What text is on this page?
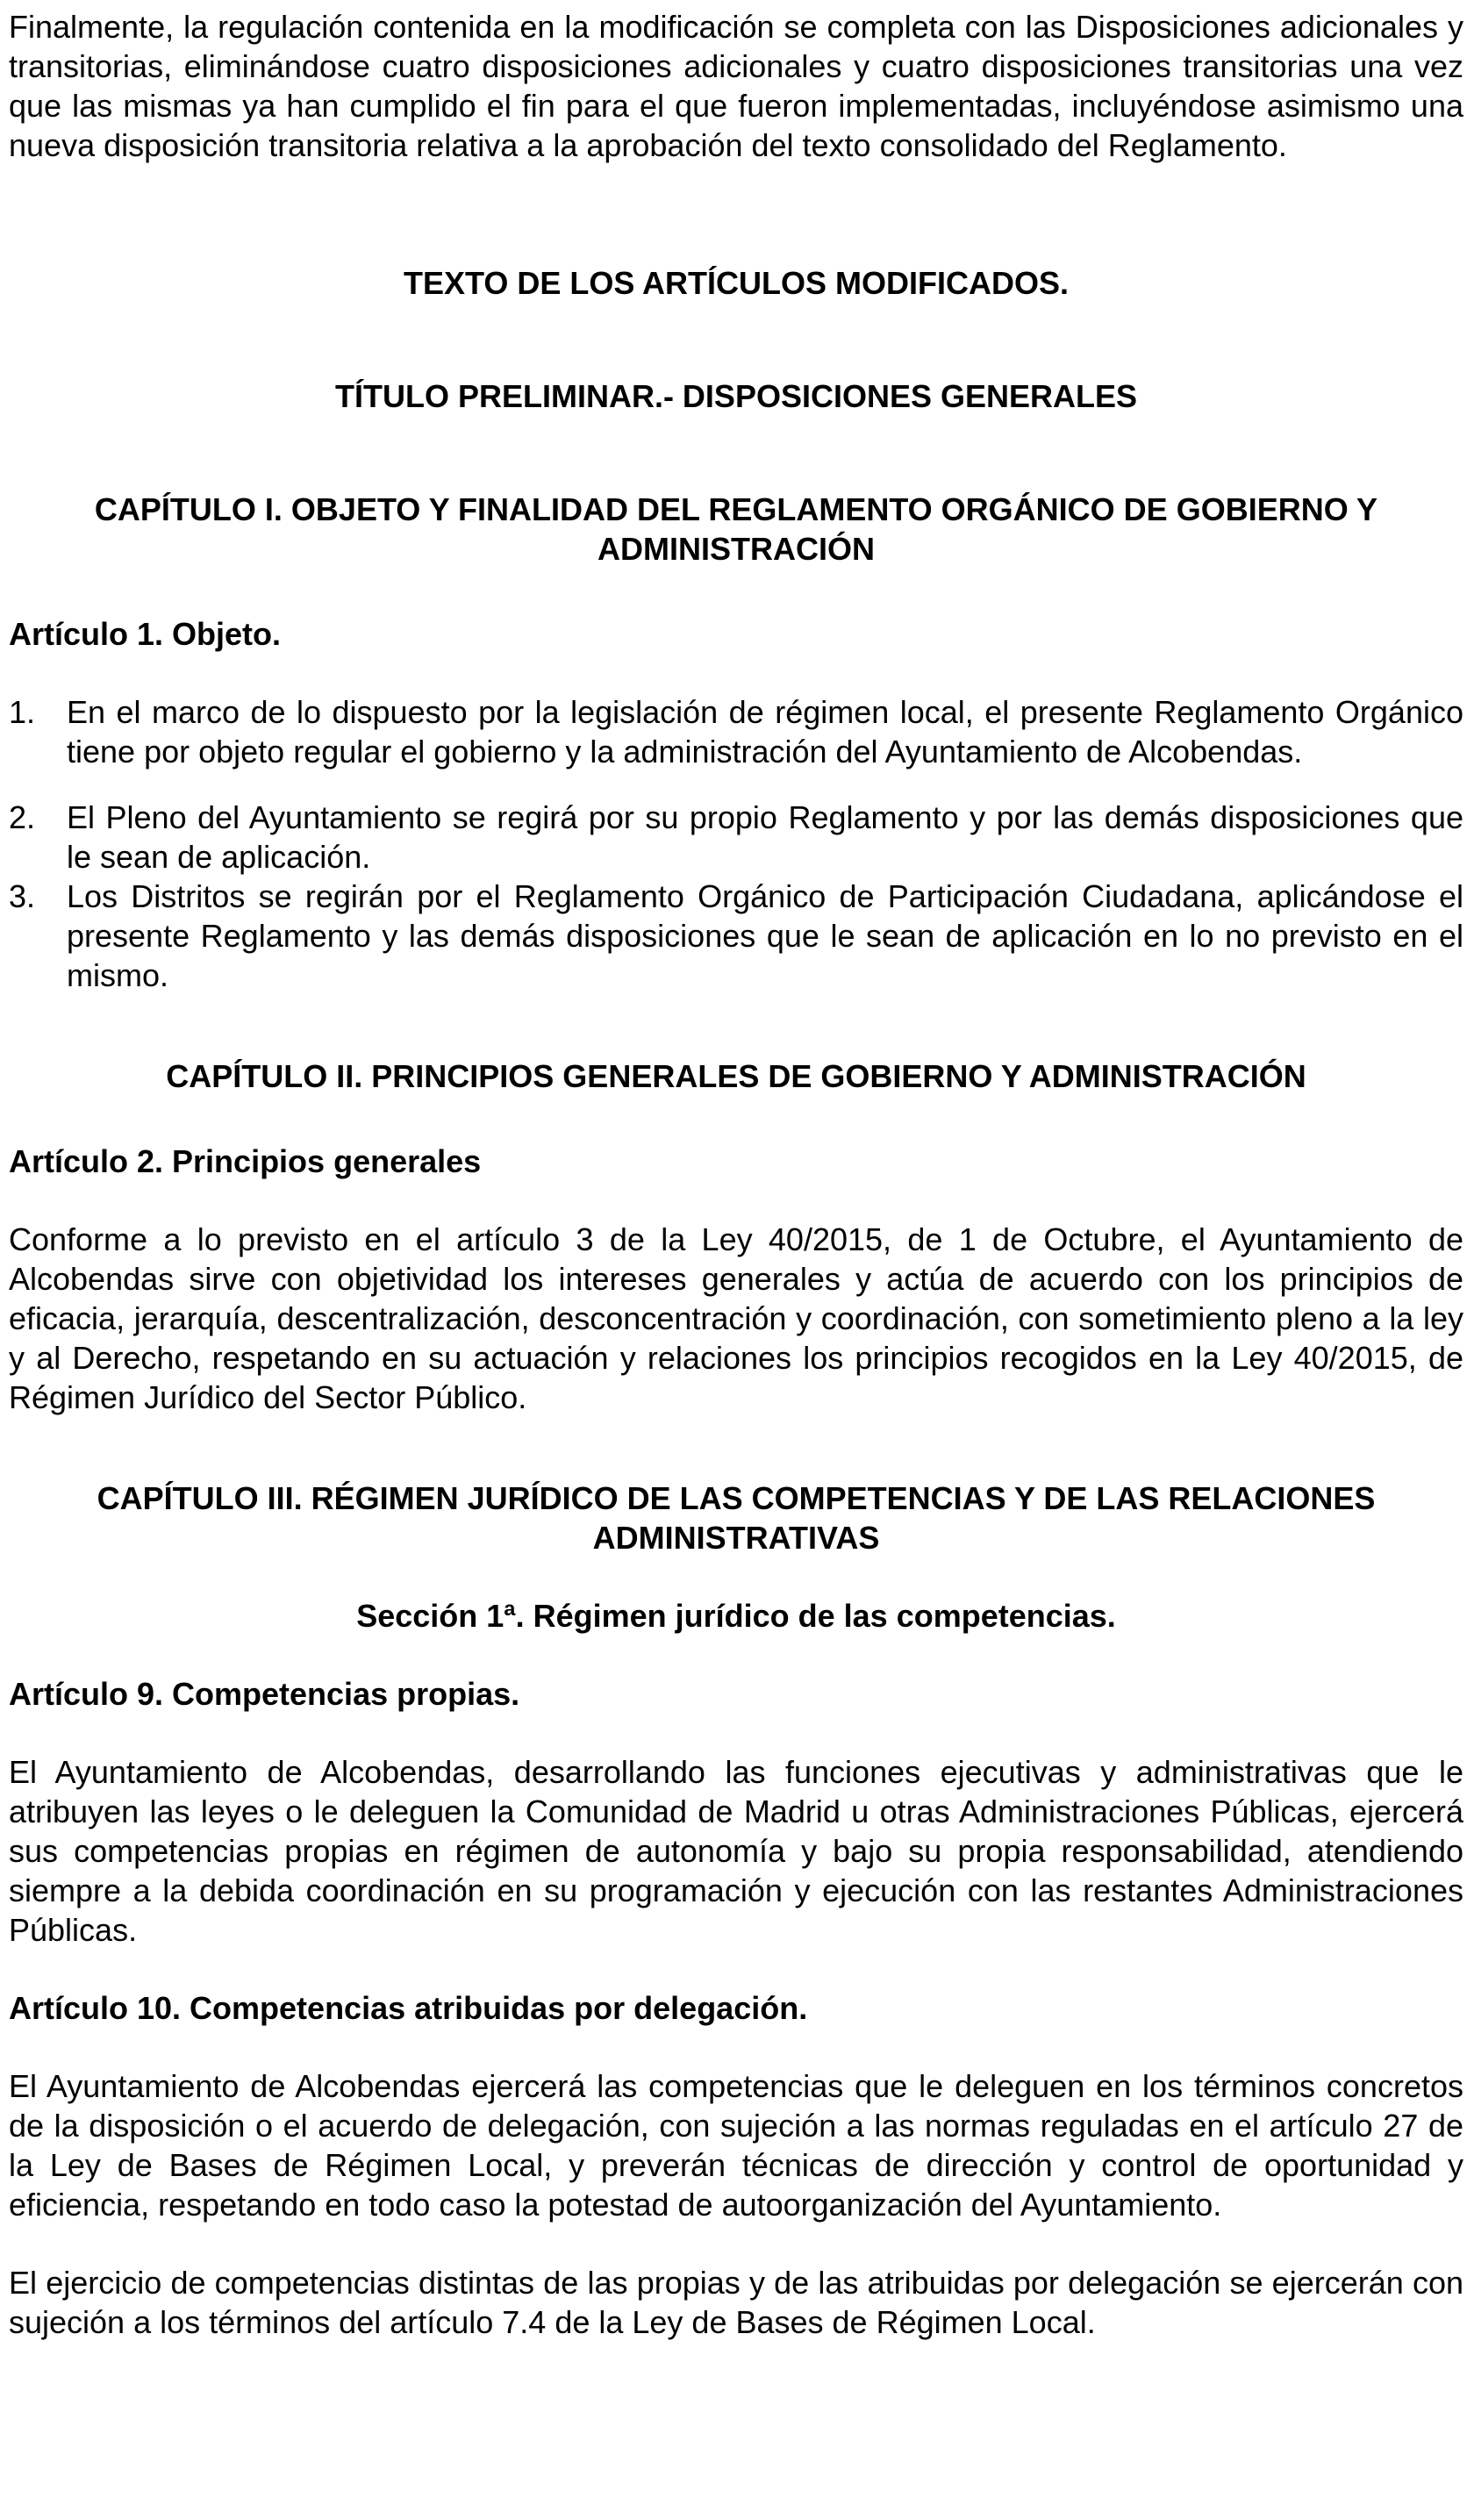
Finalmente, la regulación contenida en la modificación se completa con las Disposiciones adicionales y transitorias, eliminándose cuatro disposiciones adicionales y cuatro disposiciones transitorias una vez que las mismas ya han cumplido el fin para el que fueron implementadas, incluyéndose asimismo una nueva disposición transitoria relativa a la aprobación del texto consolidado del Reglamento.

TEXTO DE LOS ARTÍCULOS MODIFICADOS.

TÍTULO PRELIMINAR.- DISPOSICIONES GENERALES

CAPÍTULO I. OBJETO Y FINALIDAD DEL REGLAMENTO ORGÁNICO DE GOBIERNO Y ADMINISTRACIÓN

Artículo 1. Objeto.

1. En el marco de lo dispuesto por la legislación de régimen local, el presente Reglamento Orgánico tiene por objeto regular el gobierno y la administración del Ayuntamiento de Alcobendas.
2. El Pleno del Ayuntamiento se regirá por su propio Reglamento y por las demás disposiciones que le sean de aplicación.
3. Los Distritos se regirán por el Reglamento Orgánico de Participación Ciudadana, aplicándose el presente Reglamento y las demás disposiciones que le sean de aplicación en lo no previsto en el mismo.

CAPÍTULO II. PRINCIPIOS GENERALES DE GOBIERNO Y ADMINISTRACIÓN

Artículo 2. Principios generales

Conforme a lo previsto en el artículo 3 de la Ley 40/2015, de 1 de Octubre, el Ayuntamiento de Alcobendas sirve con objetividad los intereses generales y actúa de acuerdo con los principios de eficacia, jerarquía, descentralización, desconcentración y coordinación, con sometimiento pleno a la ley y al Derecho, respetando en su actuación y relaciones los principios recogidos en la Ley 40/2015, de Régimen Jurídico del Sector Público.

CAPÍTULO III. RÉGIMEN JURÍDICO DE LAS COMPETENCIAS Y DE LAS RELACIONES ADMINISTRATIVAS

Sección 1ª. Régimen jurídico de las competencias.

Artículo 9. Competencias propias.

El Ayuntamiento de Alcobendas, desarrollando las funciones ejecutivas y administrativas que le atribuyen las leyes o le deleguen la Comunidad de Madrid u otras Administraciones Públicas, ejercerá sus competencias propias en régimen de autonomía y bajo su propia responsabilidad, atendiendo siempre a la debida coordinación en su programación y ejecución con las restantes Administraciones Públicas.

Artículo 10. Competencias atribuidas por delegación.

El Ayuntamiento de Alcobendas ejercerá las competencias que le deleguen en los términos concretos de la disposición o el acuerdo de delegación, con sujeción a las normas reguladas en el artículo 27 de la Ley de Bases de Régimen Local, y preverán técnicas de dirección y control de oportunidad y eficiencia, respetando en todo caso la potestad de autoorganización del Ayuntamiento.

El ejercicio de competencias distintas de las propias y de las atribuidas por delegación se ejercerán con sujeción a los términos del artículo 7.4 de la Ley de Bases de Régimen Local.
